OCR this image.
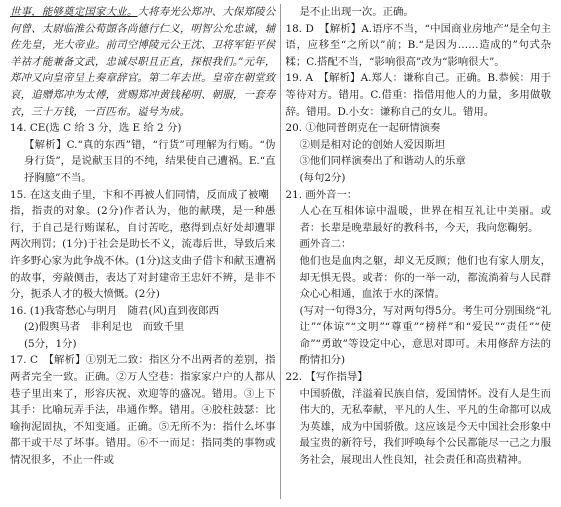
世事，能够奠定国家大业。大将寿光公郑冲、大保郑陵公何曾、太尉临淮公荀顗各尚德行仁义，明智公允忠诚，辅佐先皇，光大帝业。前司空博陵元公王沈、卫将军钜平侯羊祜才能兼备文武，忠诚尽职且正直，探根我们。”元年，郑冲又向皇帝呈上奏章辞官。第二年去世。皇帝在朝堂致哀，追赠郑冲为太傅，赏赐郑冲黄钱秘明、朝服，一套寿衣，三十万钱，一百匹布。谥号为成。

14. CE(选 C 给 3 分，选 E 给 2 分)

【解析】C.“真的东西”错，“行货”可理解为行贿。“伪身行货”，是说献玉目的不纯，结果使自己遭祸。E.“直抒胸臆”不当。

15. 在这支曲子里，卞和不再被人们同情，反而成了被嘲

指，指责的对象。(2分)作者认为，他的献璞，是一种愚行，于自己是行贿谋私，自讨苦吃，憨得到点好处却遭罪两次刑罚；(1分)于社会是助长不义，流毒后世，导致后来许多野心家为此争战不休。(1分)这支曲子借卞和献玉遭祸的故事，旁敲侧击，表达了对封建帝王忠奸不辨，是非不分，扼杀人才的极大愤慨。(2分)

16. (1)我寄愁心与明月　随君(风)直到夜郎西

(2)假舆马者　非利足也　而致千里

(5分，1分)

17. C　【解析】①别无二致：指区分不出两者的差别，指两者完全一致。正确。②万人空巷：指家家户户的人都从巷子里出来了，形容庆祝、欢迎等的盛况。错用。③上下其手：比喻玩弄手法，串通作弊。错用。④胶柱鼓瑟：比喻拘泥固执，不知变通。正确。⑤无所不为：指什么坏事都干或干尽了坏事。错用。⑥不一而足：指同类的事物或情况很多，不止一件或

是不止出现一次。正确。

18. D　【解析】A.语序不当，“中国商业房地产”是全句主语，应移至“之所以”前；B.“是因为……造成的”句式杂糅；C.搭配不当，“影响很高”改为“影响很大”。

19. A　【解析】A.郑人：谦称自己。正确。B.恭候：用于等待对方。错用。C.借重：指借用他人的力量，多用做敬辞。错用。D.小女：谦称自己的女儿。错用。

20. ①他同普朗克在一起研情演奏

②则是相对论的创始人爱因斯坦

③他们同样演奏出了和谐动人的乐章

(每句2分)

21. 画外音一：

人心在互相体谅中温暖，世界在相互礼让中美丽。或者：长辈是晚辈最好的教科书，今天，我向您鞠躬。

画外音二：

他们也是血肉之躯，却义无反顾；他们也有家人朋友，却无惧无畏。或者：你的一举一动，都流淌着与人民群众心心相通，血浓于水的深情。

(写对一句得3分，写对两句得5分。考生可分别围绕“礼让”“体谅”“文明”“尊重”“榜样”和“爱民”“责任”“使命”“勇敢”等设定中心，意思对即可。未用修辞方法的酌情扣分)

22. 【写作指导】

中国骄傲，洋溢着民族自信，爱国情怀。没有人是生而伟大的，无私奉献，平凡的人生、平凡的生命都可以成为英雄，成为中国骄傲。这应该是今天中国社会形象中最宝贵的新符号，我们呼唤每个公民都能尽一己之力服务社会，展现出人性良知，社会责任和高贵精神。
